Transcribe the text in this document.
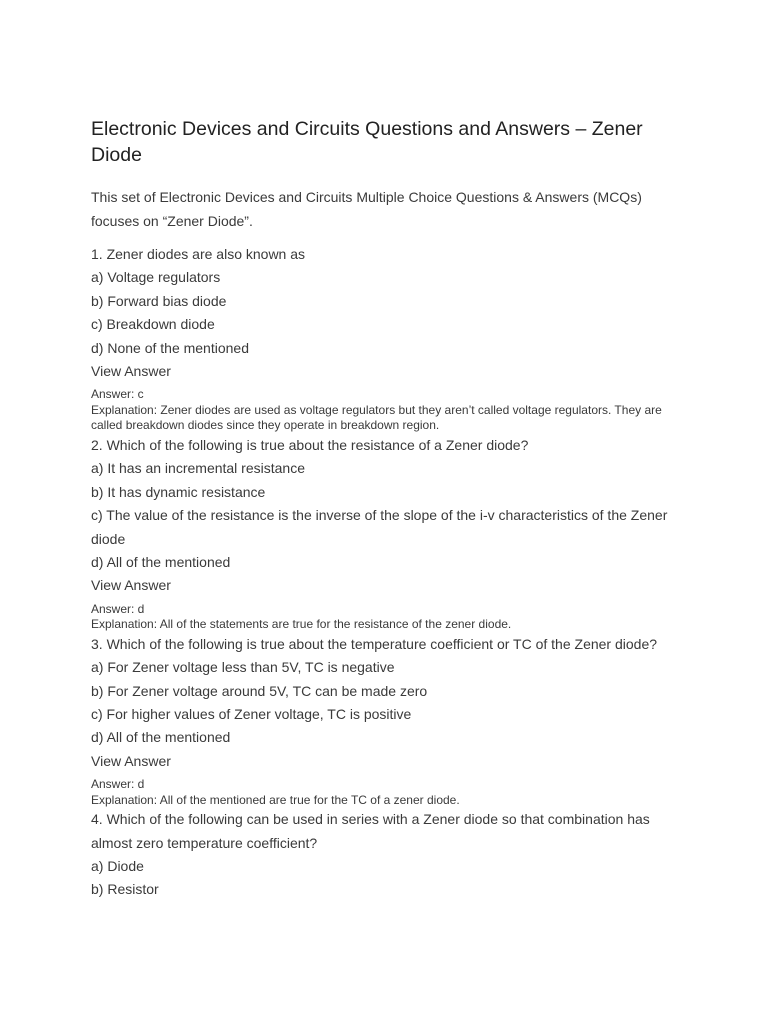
Electronic Devices and Circuits Questions and Answers – Zener Diode
This set of Electronic Devices and Circuits Multiple Choice Questions & Answers (MCQs) focuses on “Zener Diode”.
1. Zener diodes are also known as
a) Voltage regulators
b) Forward bias diode
c) Breakdown diode
d) None of the mentioned
View Answer
Answer: c
Explanation: Zener diodes are used as voltage regulators but they aren’t called voltage regulators. They are called breakdown diodes since they operate in breakdown region.
2. Which of the following is true about the resistance of a Zener diode?
a) It has an incremental resistance
b) It has dynamic resistance
c) The value of the resistance is the inverse of the slope of the i-v characteristics of the Zener diode
d) All of the mentioned
View Answer
Answer: d
Explanation: All of the statements are true for the resistance of the zener diode.
3. Which of the following is true about the temperature coefficient or TC of the Zener diode?
a) For Zener voltage less than 5V, TC is negative
b) For Zener voltage around 5V, TC can be made zero
c) For higher values of Zener voltage, TC is positive
d) All of the mentioned
View Answer
Answer: d
Explanation: All of the mentioned are true for the TC of a zener diode.
4. Which of the following can be used in series with a Zener diode so that combination has almost zero temperature coefficient?
a) Diode
b) Resistor
